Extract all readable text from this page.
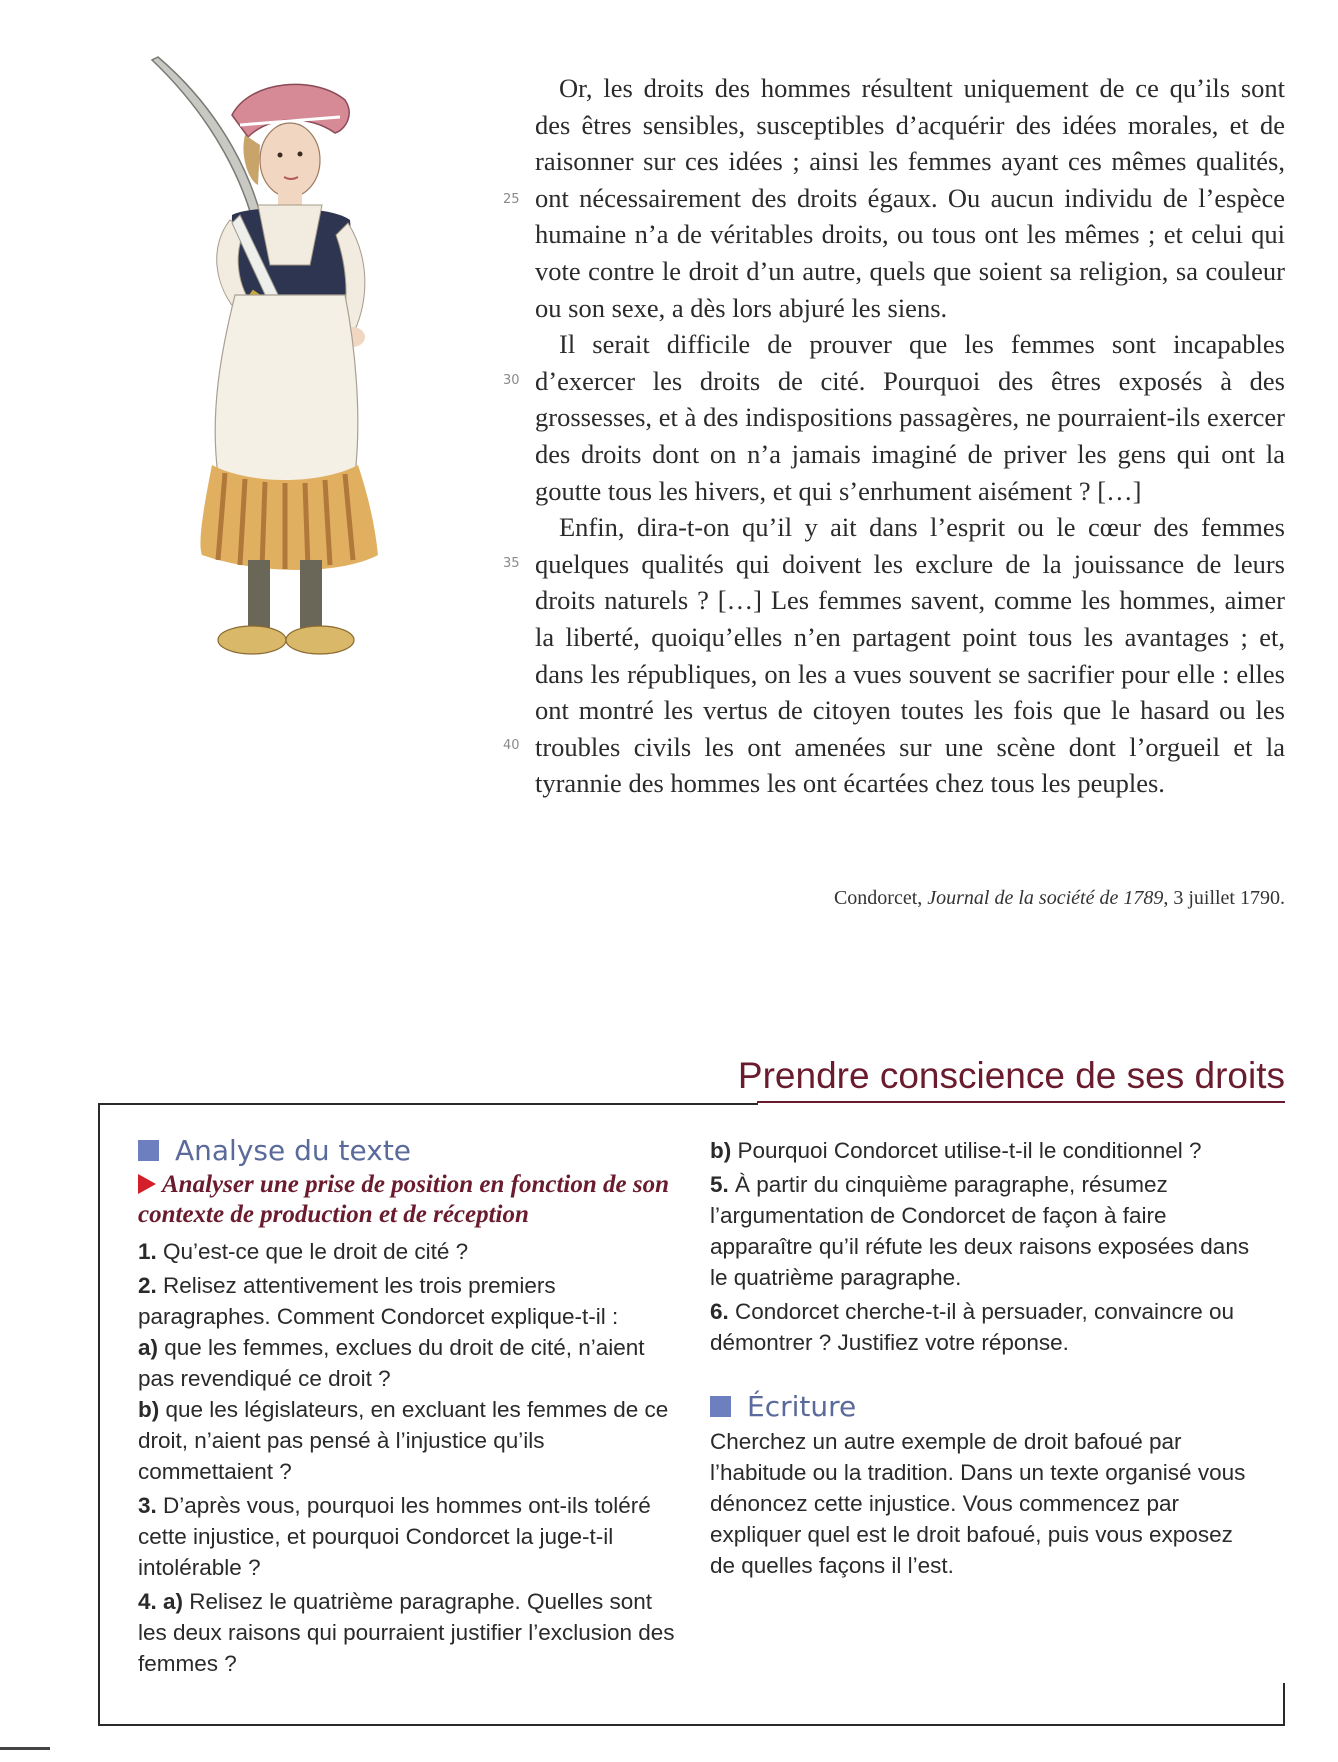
25
30
35
40

Or, les droits des hommes résultent uniquement de ce qu’ils sont des êtres sensibles, susceptibles d’acquérir des idées morales, et de raisonner sur ces idées ; ainsi les femmes ayant ces mêmes qualités, ont nécessairement des droits égaux. Ou aucun individu de l’espèce humaine n’a de véritables droits, ou tous ont les mêmes ; et celui qui vote contre le droit d’un autre, quels que soient sa religion, sa couleur ou son sexe, a dès lors abjuré les siens.

Il serait difficile de prouver que les femmes sont incapables d’exercer les droits de cité. Pourquoi des êtres exposés à des grossesses, et à des indispositions passagères, ne pourraient-ils exercer des droits dont on n’a jamais imaginé de priver les gens qui ont la goutte tous les hivers, et qui s’enrhument aisément ? […]

Enfin, dira-t-on qu’il y ait dans l’esprit ou le cœur des femmes quelques qualités qui doivent les exclure de la jouissance de leurs droits naturels ? […] Les femmes savent, comme les hommes, aimer la liberté, quoiqu’elles n’en partagent point tous les avantages ; et, dans les républiques, on les a vues souvent se sacrifier pour elle : elles ont montré les vertus de citoyen toutes les fois que le hasard ou les troubles civils les ont amenées sur une scène dont l’orgueil et la tyrannie des hommes les ont écartées chez tous les peuples.

Condorcet, Journal de la société de 1789, 3 juillet 1790.
Prendre conscience de ses droits
Analyse du texte
Analyser une prise de position en fonction de son contexte de production et de réception

1. Qu’est-ce que le droit de cité ?

2. Relisez attentivement les trois premiers paragraphes. Comment Condorcet explique-t-il :

a) que les femmes, exclues du droit de cité, n’aient pas revendiqué ce droit ?

b) que les législateurs, en excluant les femmes de ce droit, n’aient pas pensé à l’injustice qu’ils commettaient ?

3. D’après vous, pourquoi les hommes ont-ils toléré cette injustice, et pourquoi Condorcet la juge-t-il intolérable ?

4. a) Relisez le quatrième paragraphe. Quelles sont les deux raisons qui pourraient justifier l’exclusion des femmes ?

b) Pourquoi Condorcet utilise-t-il le conditionnel ?

5. À partir du cinquième paragraphe, résumez l’argumentation de Condorcet de façon à faire apparaître qu’il réfute les deux raisons exposées dans le quatrième paragraphe.

6. Condorcet cherche-t-il à persuader, convaincre ou démontrer ? Justifiez votre réponse.

Écriture

Cherchez un autre exemple de droit bafoué par l’habitude ou la tradition. Dans un texte organisé vous dénoncez cette injustice. Vous commencez par expliquer quel est le droit bafoué, puis vous exposez de quelles façons il l’est.
